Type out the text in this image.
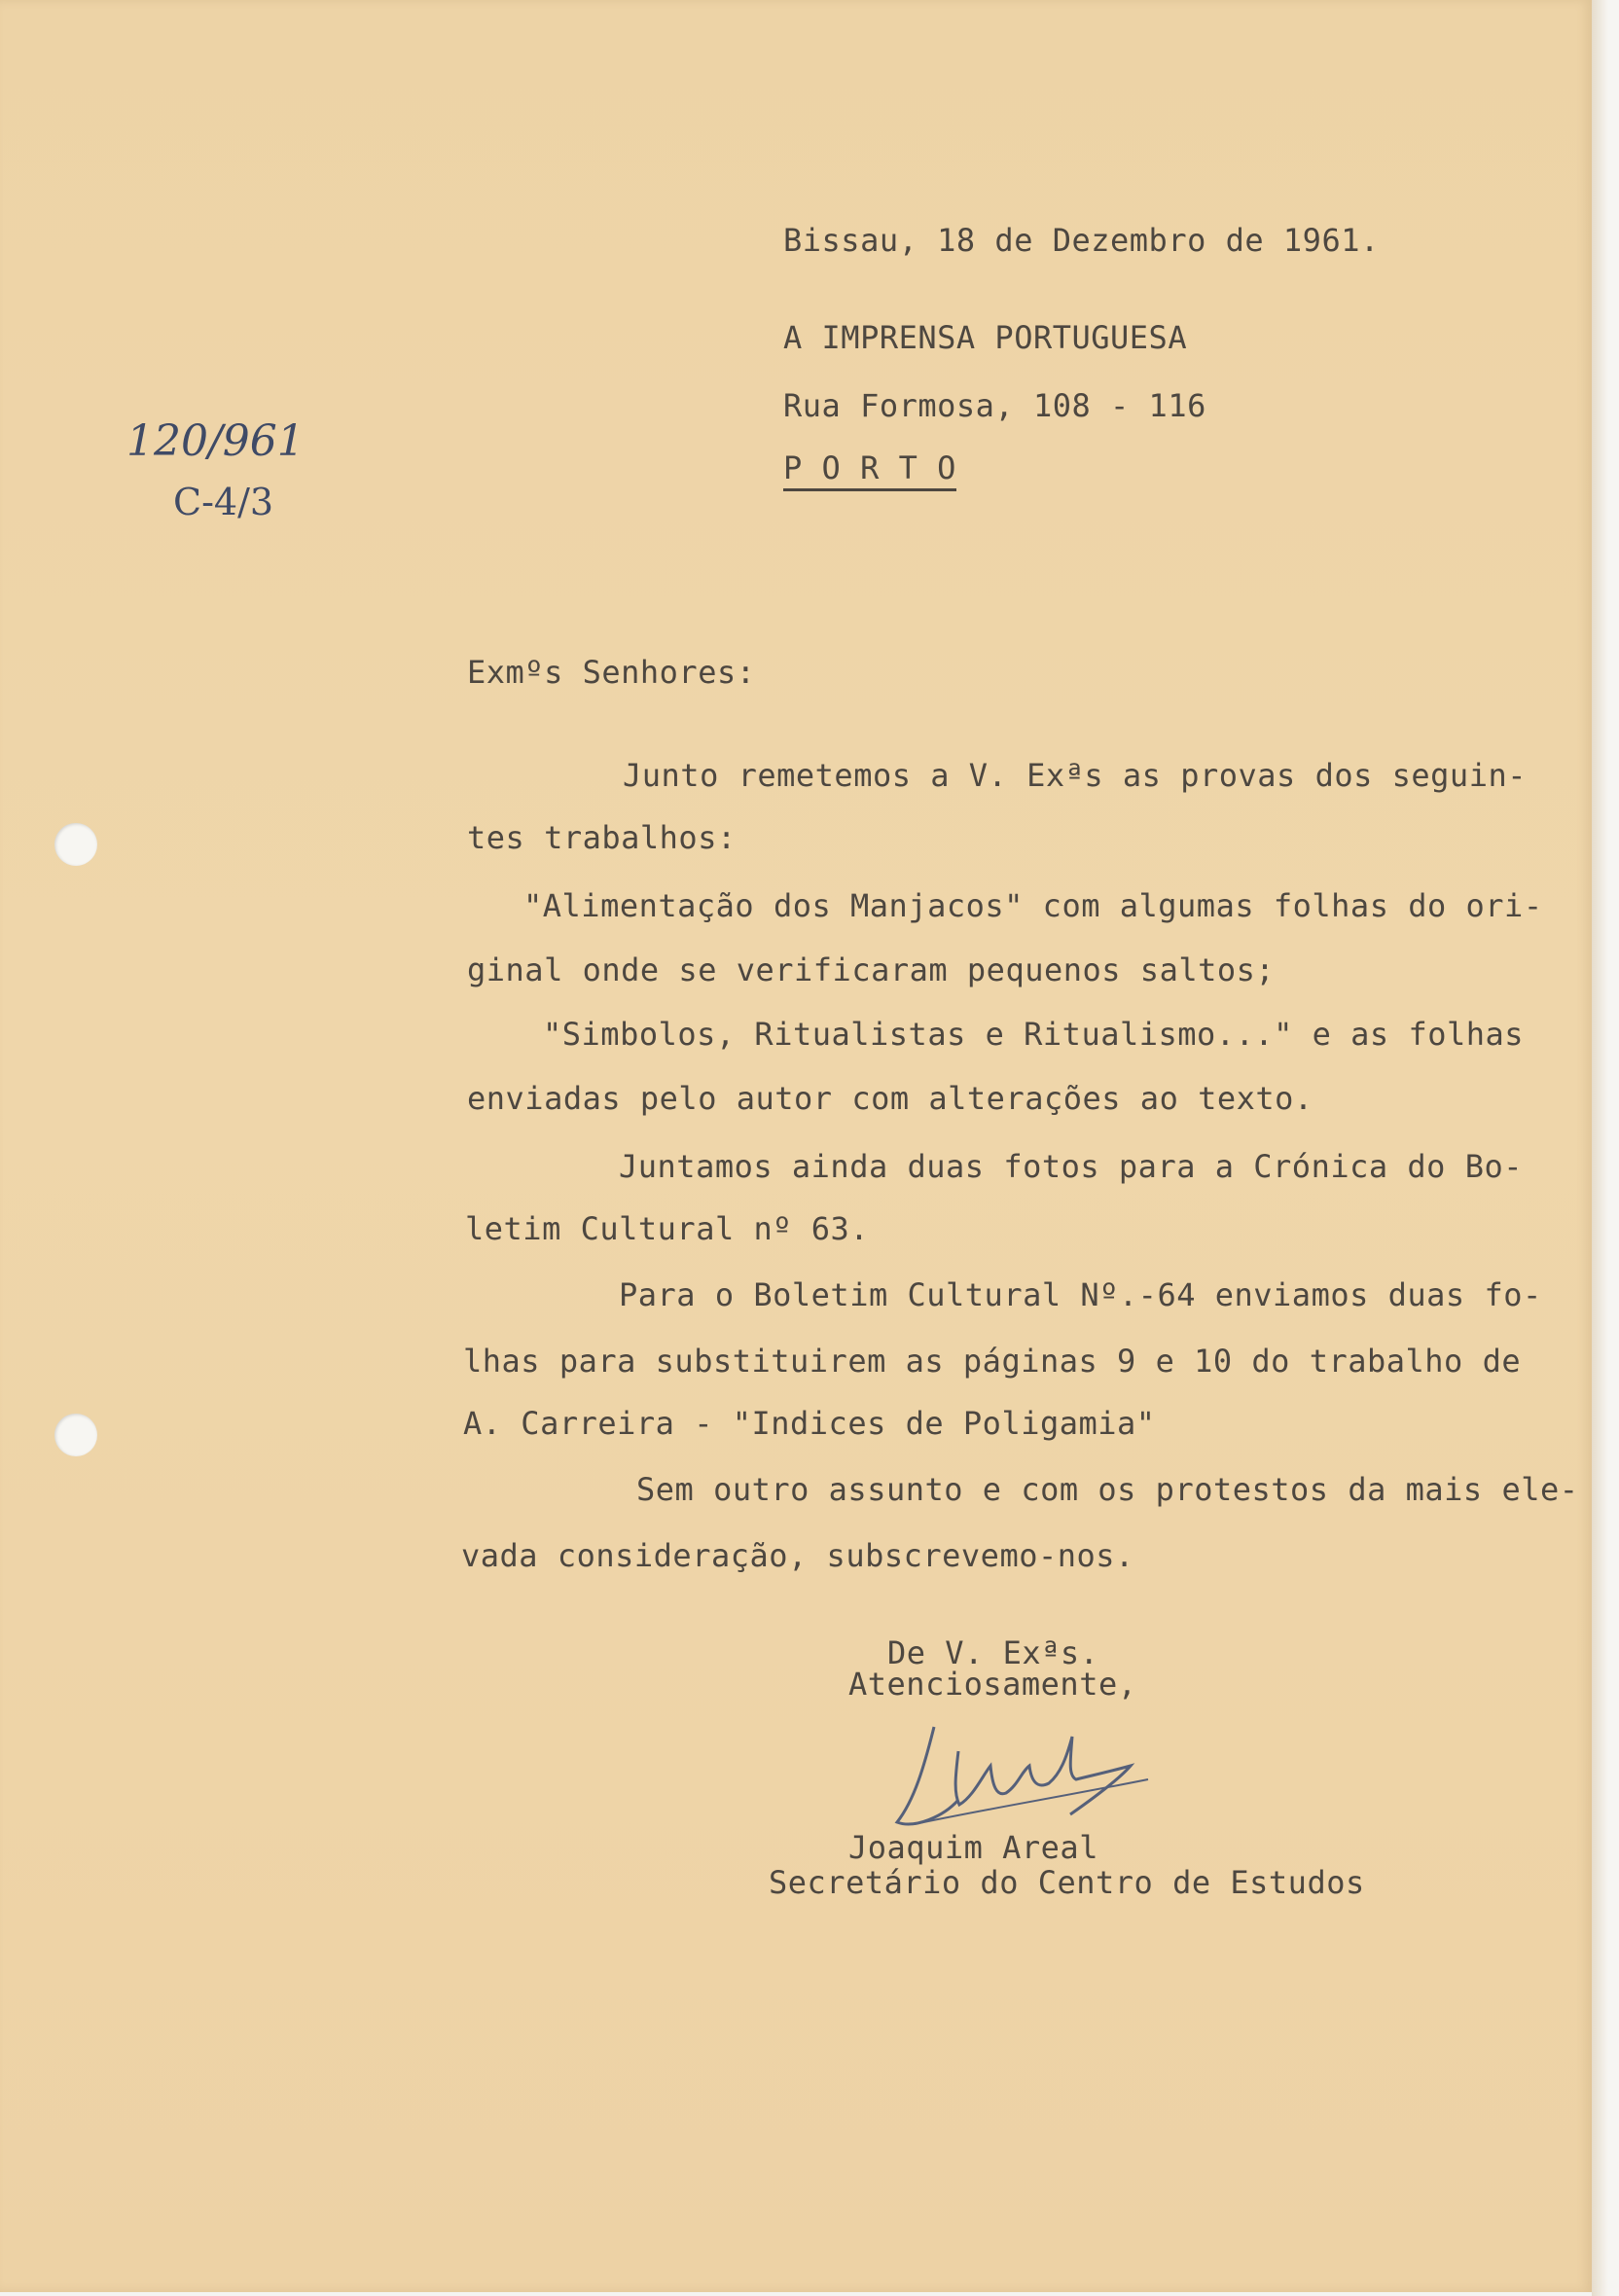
Bissau, 18 de Dezembro de 1961.
A IMPRENSA PORTUGUESA
Rua Formosa, 108 - 116
P O R T O
120/961
C-4/3
Exmºs Senhores:
Junto remetemos a V. Exªs as provas dos seguin-
tes trabalhos:
"Alimentação dos Manjacos" com algumas folhas do ori-
ginal onde se verificaram pequenos saltos;
"Simbolos, Ritualistas e Ritualismo..." e as folhas
enviadas pelo autor com alterações ao texto.
Juntamos ainda duas fotos para a Crónica do Bo-
letim Cultural nº 63.
Para o Boletim Cultural Nº.-64 enviamos duas fo-
lhas para substituirem as páginas 9 e 10 do trabalho de
A. Carreira - "Indices de Poligamia"
Sem outro assunto e com os protestos da mais ele-
vada consideração, subscrevemo-nos.
De V. Exªs.
Atenciosamente,
Joaquim Areal
Secretário do Centro de Estudos
